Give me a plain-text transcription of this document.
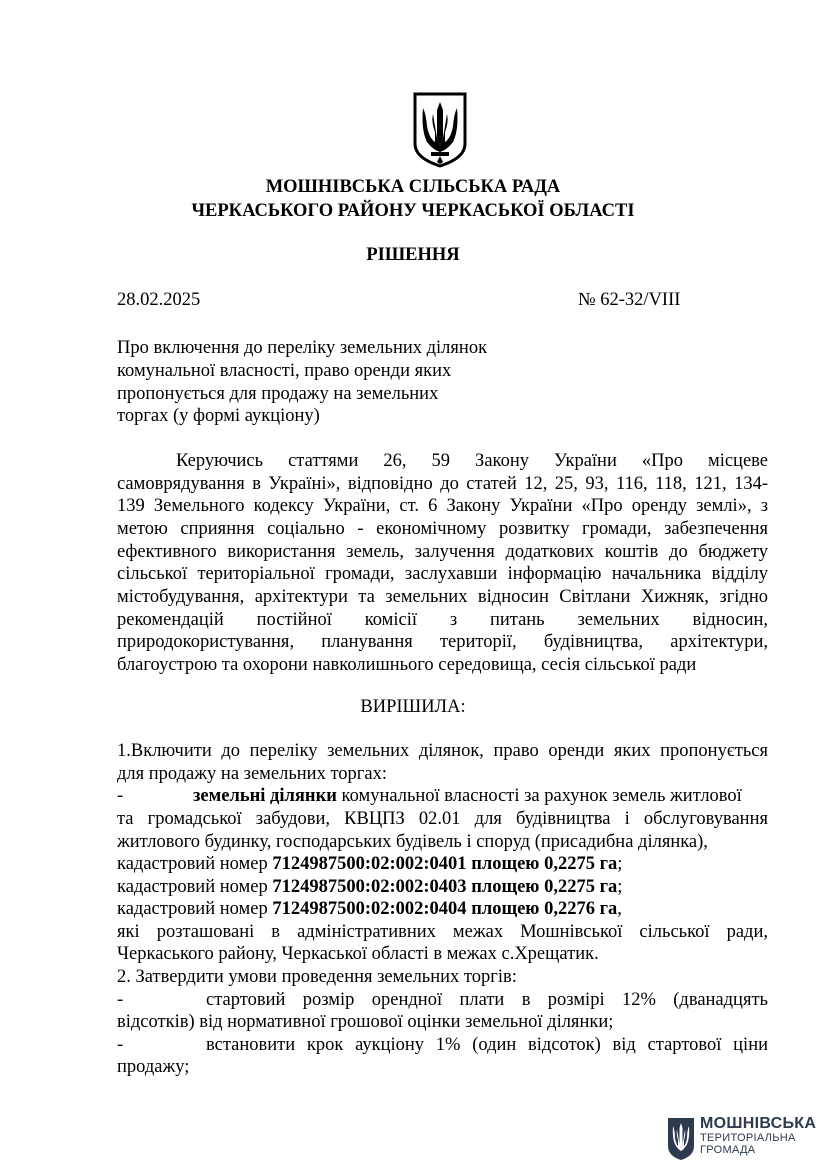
МОШНІВСЬКА СІЛЬСЬКА РАДА
ЧЕРКАСЬКОГО РАЙОНУ ЧЕРКАСЬКОЇ ОБЛАСТІ
РІШЕННЯ
28.02.2025	№ 62-32/VIII
Про включення до переліку земельних ділянок
комунальної власності, право оренди яких
пропонується для продажу на земельних
торгах (у формі аукціону)
Керуючись статтями 26, 59 Закону України «Про місцеве
самоврядування в Україні», відповідно до статей 12, 25, 93, 116, 118, 121, 134-
139 Земельного кодексу України, ст. 6 Закону України «Про оренду землі», з
метою сприяння соціально - економічному розвитку громади, забезпечення
ефективного використання земель, залучення додаткових коштів до бюджету
сільської територіальної громади, заслухавши інформацію начальника відділу
містобудування, архітектури та земельних відносин Світлани Хижняк, згідно
рекомендацій постійної комісії з питань земельних відносин,
природокористування, планування території, будівництва, архітектури,
благоустрою та охорони навколишнього середовища, сесія сільської ради
ВИРІШИЛА:
1.Включити до переліку земельних ділянок, право оренди яких пропонується
для продажу на земельних торгах:
-	земельні ділянки комунальної власності за рахунок земель житлової
та громадської забудови, КВЦПЗ 02.01 для будівництва і обслуговування
житлового будинку, господарських будівель і споруд (присадибна ділянка),
кадастровий номер 7124987500:02:002:0401 площею 0,2275 га;
кадастровий номер 7124987500:02:002:0403 площею 0,2275 га;
кадастровий номер 7124987500:02:002:0404 площею 0,2276 га,
які розташовані в адміністративних межах Мошнівської сільської ради,
Черкаського району, Черкаської області в межах с.Хрещатик.
2. Затвердити умови проведення земельних торгів:
-	стартовий розмір орендної плати в розмірі 12% (дванадцять
відсотків) від нормативної грошової оцінки земельної ділянки;
-	встановити крок аукціону 1% (один відсоток) від стартової ціни
продажу;
МОШНІВСЬКА
ТЕРИТОРІАЛЬНА
ГРОМАДА
